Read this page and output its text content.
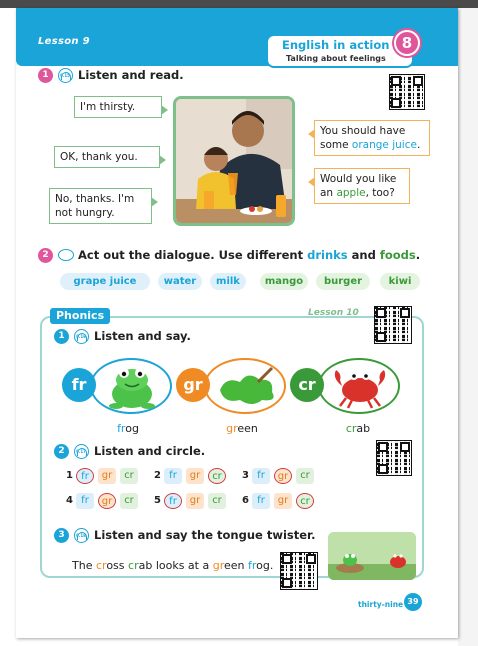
Lesson 9	English in action
Talking about feelings
8
1	0.15 Listen and read.
I'm thirsty.
OK, thank you.
No, thanks. I'm
not hungry.
You should have
some orange juice.
Would you like
an apple, too?
2	Act out the dialogue. Use different drinks and foods.
grape juice	water	milk	mango	burger	kiwi
Phonics	Lesson 10
1	0.16 Listen and say.
fr
frog
gr
green
cr
crab
2	0.17 Listen and circle.
1 fr	gr	cr	2 fr	gr	cr	3 fr	gr	cr
4 fr	gr	cr	5 fr	gr	cr	6 fr	gr	cr
3	0.18 Listen and say the tongue twister.
The cross crab looks at a green frog.
thirty-nine 39
